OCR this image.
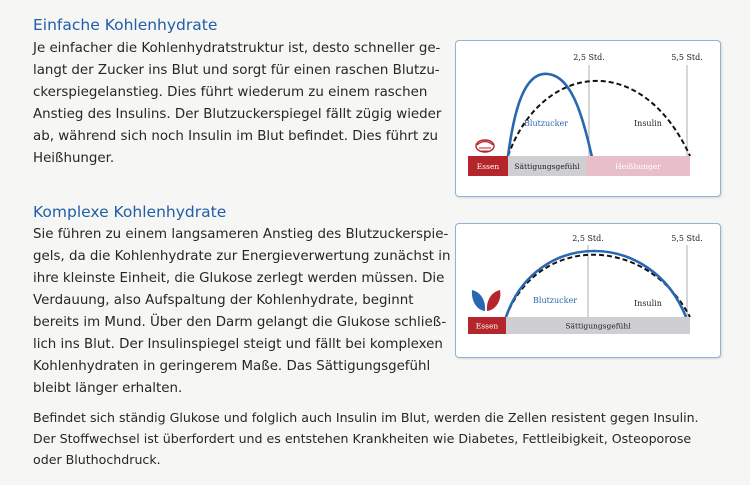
Einfache Kohlenhydrate
Je einfacher die Kohlenhydratstruktur ist, desto schneller ge-
langt der Zucker ins Blut und sorgt für einen raschen Blutzu-
ckerspiegelanstieg. Dies führt wiederum zu einem raschen
Anstieg des Insulins. Der Blutzuckerspiegel fällt zügig wieder
ab, während sich noch Insulin im Blut befindet. Dies führt zu
Heißhunger.
2,5 Std.	5,5 Std.
Blutzucker	Insulin
Essen Sättigungsgefühl	Heißhunger
Komplexe Kohlenhydrate
Sie führen zu einem langsameren Anstieg des Blutzuckerspie-
gels, da die Kohlenhydrate zur Energieverwertung zunächst in
ihre kleinste Einheit, die Glukose zerlegt werden müssen. Die
Verdauung, also Aufspaltung der Kohlenhydrate, beginnt
bereits im Mund. Über den Darm gelangt die Glukose schließ-
lich ins Blut. Der Insulinspiegel steigt und fällt bei komplexen
Kohlenhydraten in geringerem Maße. Das Sättigungsgefühl
bleibt länger erhalten.
2,5 Std.	5,5 Std.
Blutzucker	Insulin
Essen	Sättigungsgefühl
Befindet sich ständig Glukose und folglich auch Insulin im Blut, werden die Zellen resistent gegen Insulin.
Der Stoffwechsel ist überfordert und es entstehen Krankheiten wie Diabetes, Fettleibigkeit, Osteoporose
oder Bluthochdruck.
